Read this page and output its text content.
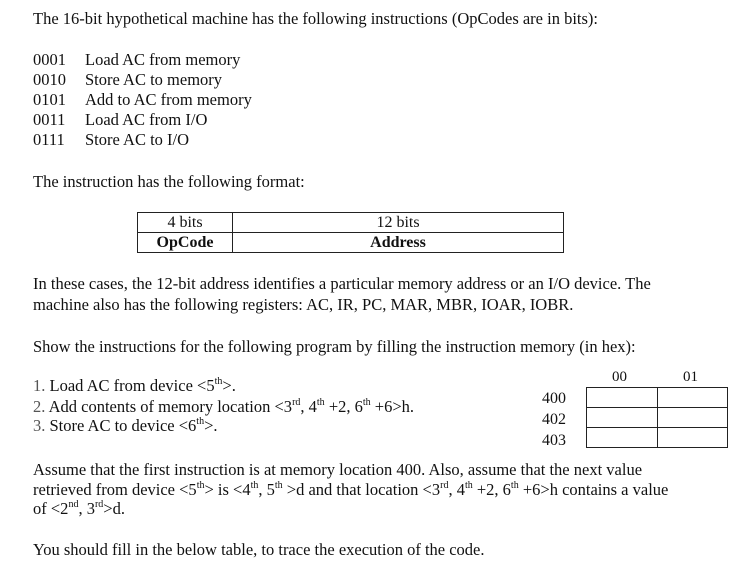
The 16-bit hypothetical machine has the following instructions (OpCodes are in bits):
0001 Load AC from memory
0010 Store AC to memory
0101 Add to AC from memory
0011 Load AC from I/O
0111 Store AC to I/O
The instruction has the following format:
4 bits	12 bits
OpCode	Address
In these cases, the 12-bit address identifies a particular memory address or an I/O device. The
machine also has the following registers: AC, IR, PC, MAR, MBR, IOAR, IOBR.
Show the instructions for the following program by filling the instruction memory (in hex):
1. Load AC from device <5th>.
2. Add contents of memory location <3rd, 4th +2, 6th +6>h.
3. Store AC to device <6th>.
00	01
400
402
403

Assume that the first instruction is at memory location 400. Also, assume that the next value
retrieved from device <5th> is <4th, 5th >d and that location <3rd, 4th +2, 6th +6>h contains a value
of <2nd, 3rd>d.
You should fill in the below table, to trace the execution of the code.
